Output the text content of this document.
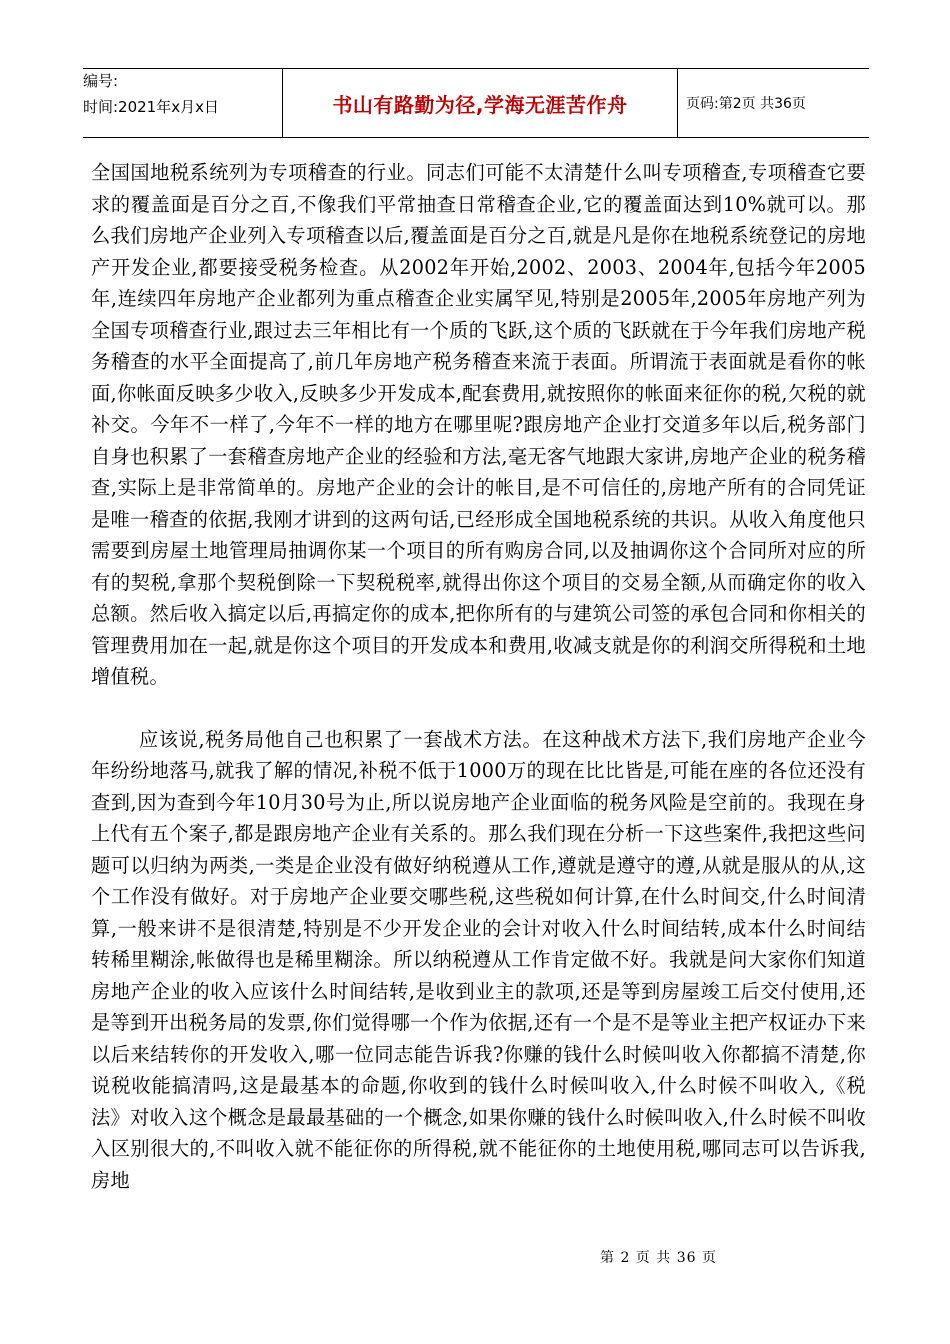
编号:
时间:2021年x月x日	书山有路勤为径,学海无涯苦作舟	页码:第2页 共36页

全国国地税系统列为专项稽查的行业。同志们可能不太清楚什么叫专项稽查,专项稽查它要求的覆盖面是百分之百,不像我们平常抽查日常稽查企业,它的覆盖面达到10%就可以。那么我们房地产企业列入专项稽查以后,覆盖面是百分之百,就是凡是你在地税系统登记的房地产开发企业,都要接受税务检查。从2002年开始,2002、2003、2004年,包括今年2005年,连续四年房地产企业都列为重点稽查企业实属罕见,特别是2005年,2005年房地产列为全国专项稽查行业,跟过去三年相比有一个质的飞跃,这个质的飞跃就在于今年我们房地产税务稽查的水平全面提高了,前几年房地产税务稽查来流于表面。所谓流于表面就是看你的帐面,你帐面反映多少收入,反映多少开发成本,配套费用,就按照你的帐面来征你的税,欠税的就补交。今年不一样了,今年不一样的地方在哪里呢?跟房地产企业打交道多年以后,税务部门自身也积累了一套稽查房地产企业的经验和方法,毫无客气地跟大家讲,房地产企业的税务稽查,实际上是非常简单的。房地产企业的会计的帐目,是不可信任的,房地产所有的合同凭证是唯一稽查的依据,我刚才讲到的这两句话,已经形成全国地税系统的共识。从收入角度他只需要到房屋土地管理局抽调你某一个项目的所有购房合同,以及抽调你这个合同所对应的所有的契税,拿那个契税倒除一下契税税率,就得出你这个项目的交易全额,从而确定你的收入总额。然后收入搞定以后,再搞定你的成本,把你所有的与建筑公司签的承包合同和你相关的管理费用加在一起,就是你这个项目的开发成本和费用,收减支就是你的利润交所得税和土地增值税。

应该说,税务局他自己也积累了一套战术方法。在这种战术方法下,我们房地产企业今年纷纷地落马,就我了解的情况,补税不低于1000万的现在比比皆是,可能在座的各位还没有查到,因为查到今年10月30号为止,所以说房地产企业面临的税务风险是空前的。我现在身上代有五个案子,都是跟房地产企业有关系的。那么我们现在分析一下这些案件,我把这些问题可以归纳为两类,一类是企业没有做好纳税遵从工作,遵就是遵守的遵,从就是服从的从,这个工作没有做好。对于房地产企业要交哪些税,这些税如何计算,在什么时间交,什么时间清算,一般来讲不是很清楚,特别是不少开发企业的会计对收入什么时间结转,成本什么时间结转稀里糊涂,帐做得也是稀里糊涂。所以纳税遵从工作肯定做不好。我就是问大家你们知道房地产企业的收入应该什么时间结转,是收到业主的款项,还是等到房屋竣工后交付使用,还是等到开出税务局的发票,你们觉得哪一个作为依据,还有一个是不是等业主把产权证办下来以后来结转你的开发收入,哪一位同志能告诉我?你赚的钱什么时候叫收入你都搞不清楚,你说税收能搞清吗,这是最基本的命题,你收到的钱什么时候叫收入,什么时候不叫收入,《税法》对收入这个概念是最最基础的一个概念,如果你赚的钱什么时候叫收入,什么时候不叫收入区别很大的,不叫收入就不能征你的所得税,就不能征你的土地使用税,哪同志可以告诉我,房地

第 2 页 共 36 页
